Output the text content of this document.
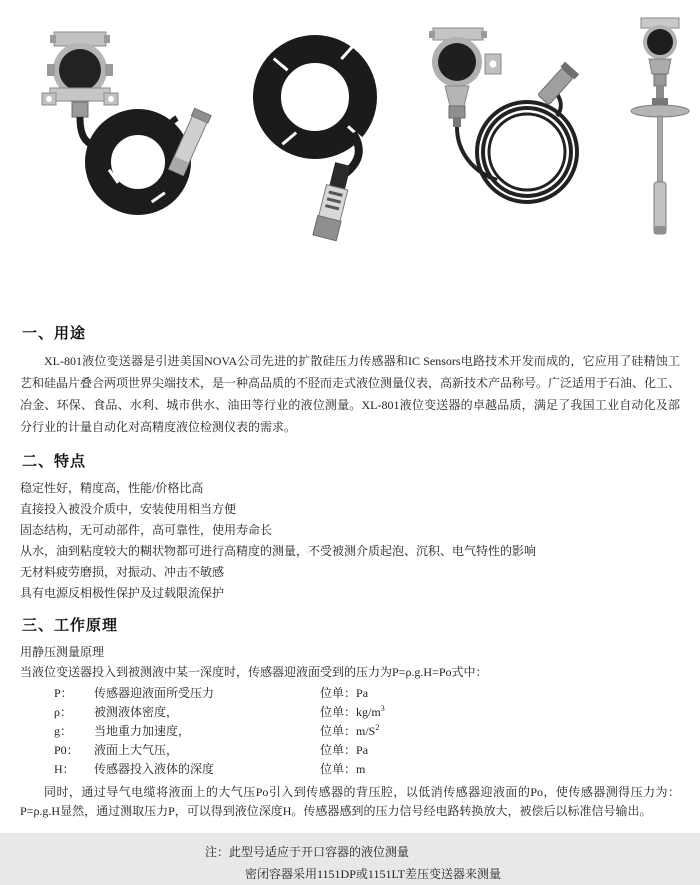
一、用途

XL-801液位变送器是引进美国NOVA公司先进的扩散硅压力传感器和IC Sensors电路技术开发而成的，它应用了硅精蚀工艺和硅晶片叠合两项世界尖端技术，是一种高品质的不胫而走式液位测量仪表，高新技术产品称号。广泛适用于石油、化工、冶金、环保、食品、水利、城市供水、油田等行业的液位测量。XL-801液位变送器的卓越品质，满足了我国工业自动化及部分行业的计量自动化对高精度液位检测仪表的需求。

二、特点

稳定性好，精度高，性能/价格比高

直接投入被没介质中，安装使用相当方便

固态结构，无可动部件，高可靠性，使用寿命长

从水，油到粘度较大的糊状物都可进行高精度的测量，不受被测介质起泡、沉积、电气特性的影响

无材料疲劳磨损，对振动、冲击不敏感

具有电源反相极性保护及过载限流保护

三、工作原理

用静压测量原理

当液位变送器投入到被测液中某一深度时，传感器迎液面受到的压力为P=ρ.g.H=Po式中：

P：	传感器迎液面所受压力	位单：Pa
ρ：	被测液体密度，	位单：$kg/m^3$
g：	当地重力加速度，	位单：$m/S^2$
P0：	液面上大气压，	位单：Pa
H：	传感器投入液体的深度	位单：m

同时，通过导气电缆将液面上的大气压Po引入到传感器的背压腔，以低消传感器迎液面的Po，使传感器测得压力为：P=ρ.g.H显然，通过测取压力P，可以得到液位深度H。传感器感到的压力信号经电路转换放大，被偿后以标准信号输出。

注：此型号适应于开口容器的液位测量

密闭容器采用1151DP或1151LT差压变送器来测量
